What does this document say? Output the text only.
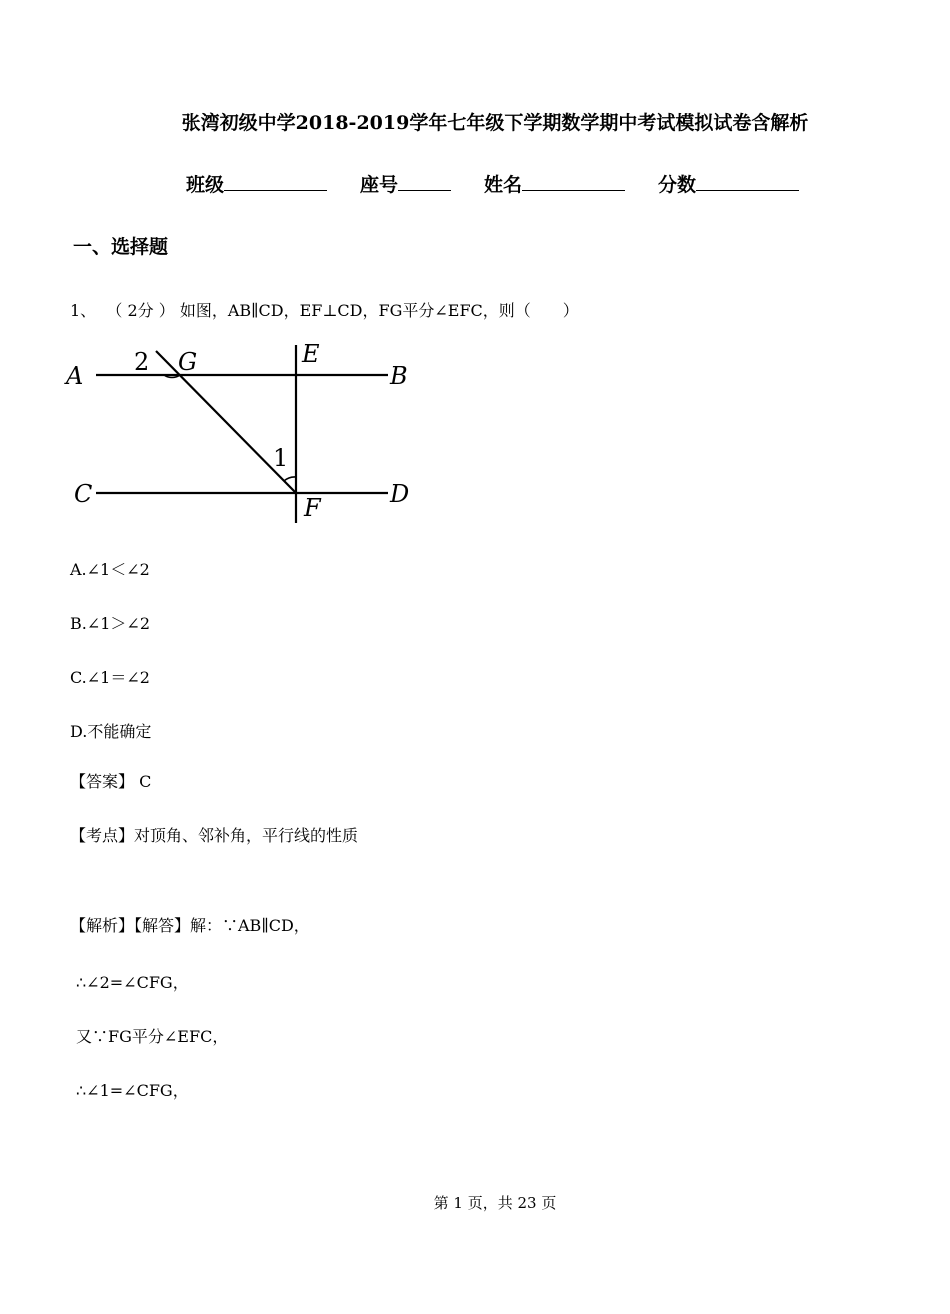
张湾初级中学2018-2019学年七年级下学期数学期中考试模拟试卷含解析
班级	座号	姓名	分数
一、选择题
1、 （ 2分 ） 如图，AB∥CD，EF⊥CD，FG平分∠EFC，则（　　）
A	B
C	D
E
F
G
1
2
A.∠1＜∠2
B.∠1＞∠2
C.∠1＝∠2
D.不能确定
【答案】 C
【考点】对顶角、邻补角，平行线的性质
【解析】【解答】解：∵AB∥CD，
∴∠2=∠CFG，
又∵FG平分∠EFC，
∴∠1=∠CFG，
第 1 页，共 23 页
